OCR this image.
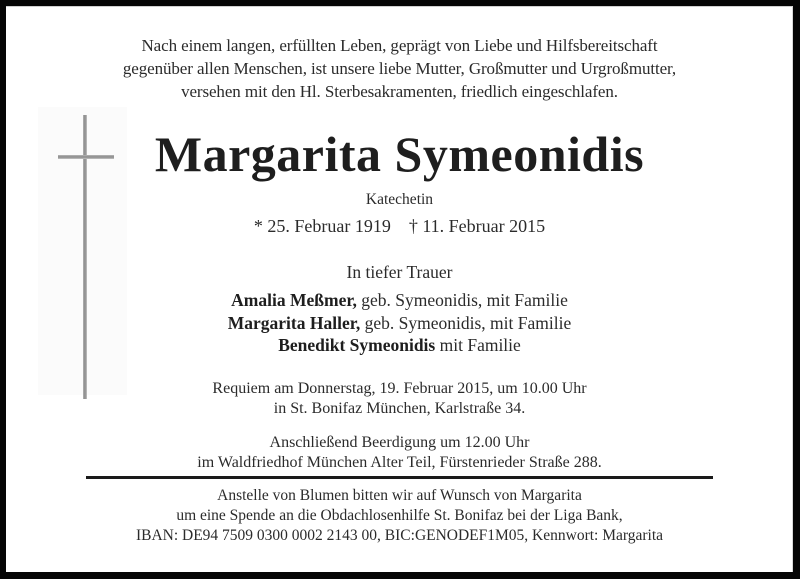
Nach einem langen, erfüllten Leben, geprägt von Liebe und Hilfsbereitschaft
gegenüber allen Menschen, ist unsere liebe Mutter, Großmutter und Urgroßmutter,
versehen mit den Hl. Sterbesakramenten, friedlich eingeschlafen.
Margarita Symeonidis
Katechetin
* 25. Februar 1919 † 11. Februar 2015
In tiefer Trauer
Amalia Meßmer, geb. Symeonidis, mit Familie
Margarita Haller, geb. Symeonidis, mit Familie
Benedikt Symeonidis mit Familie
Requiem am Donnerstag, 19. Februar 2015, um 10.00 Uhr
in St. Bonifaz München, Karlstraße 34.
Anschließend Beerdigung um 12.00 Uhr
im Waldfriedhof München Alter Teil, Fürstenrieder Straße 288.
Anstelle von Blumen bitten wir auf Wunsch von Margarita
um eine Spende an die Obdachlosenhilfe St. Bonifaz bei der Liga Bank,
IBAN: DE94 7509 0300 0002 2143 00, BIC:GENODEF1M05, Kennwort: Margarita
